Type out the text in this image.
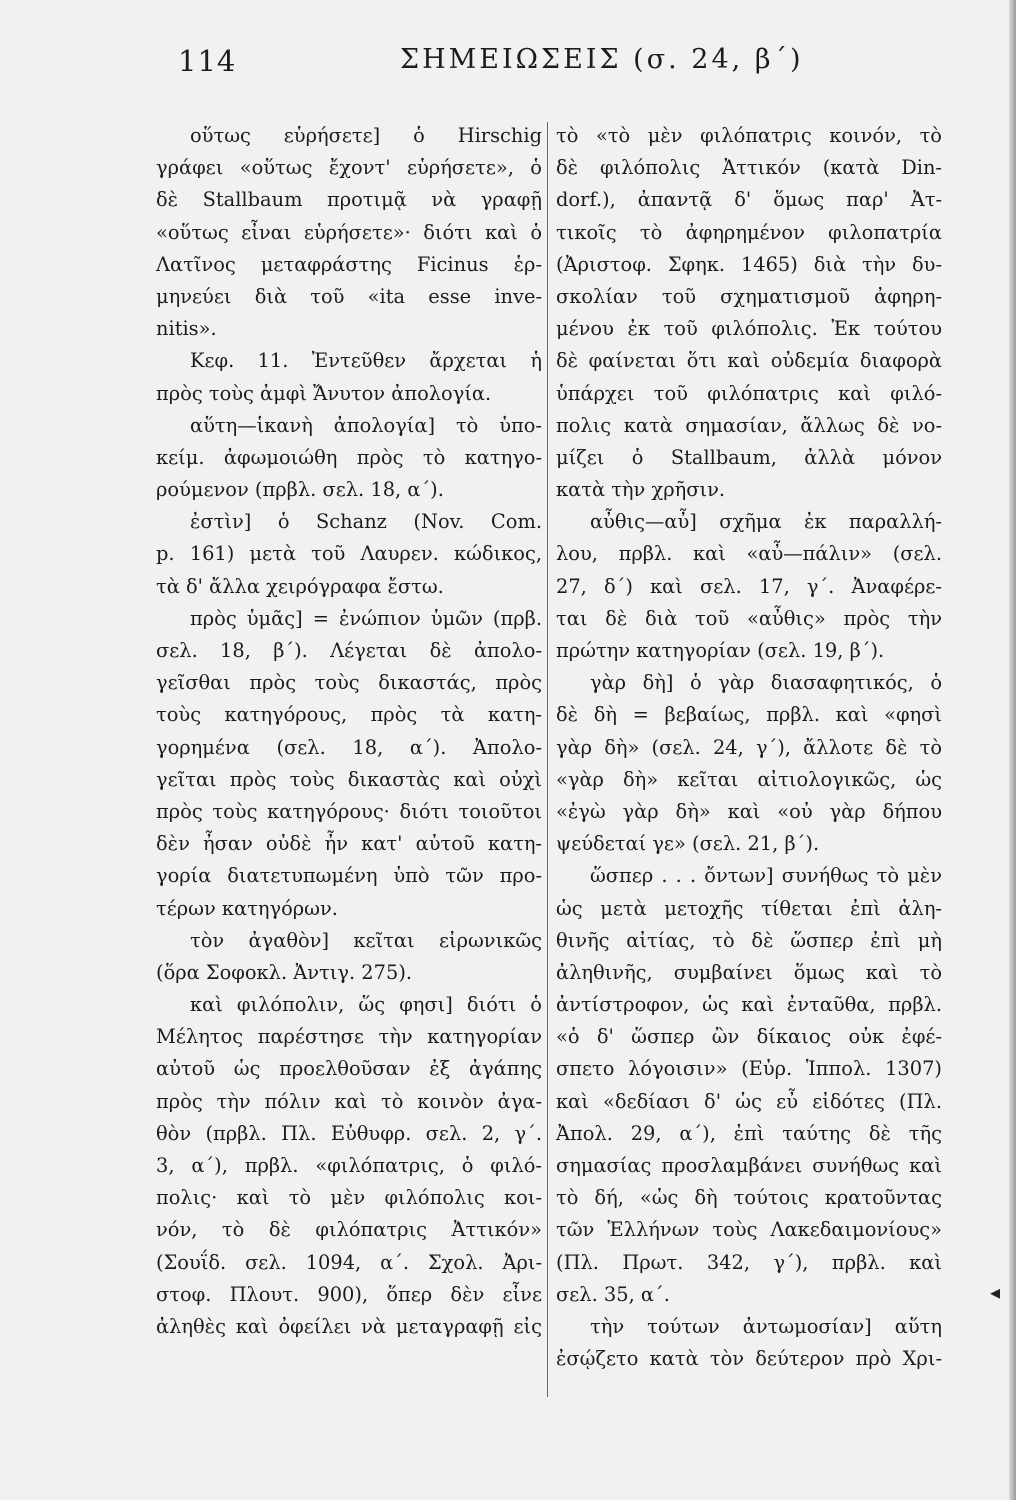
114	ΣΗΜΕΙΩΣΕΙΣ (σ. 24, β΄)
οὕτως εὑρήσετε] ὁ Hirschig
γράφει «οὕτως ἔχοντ' εὑρήσετε», ὁ
δὲ Stallbaum προτιμᾷ νὰ γραφῇ
«οὕτως εἶναι εὑρήσετε»· διότι καὶ ὁ
Λατῖνος μεταφράστης Ficinus ἑρ-
μηνεύει διὰ τοῦ «ita esse inve-
nitis».
Κεφ. 11. Ἐντεῦθεν ἄρχεται ἡ
πρὸς τοὺς ἀμφὶ Ἄνυτον ἀπολογία.
αὕτη—ἱκανὴ ἀπολογία] τὸ ὑπο-
κείμ. ἀφωμοιώθη πρὸς τὸ κατηγο-
ρούμενον (πρβλ. σελ. 18, α΄).
ἐστὶν] ὁ Schanz (Nov. Com.
p. 161) μετὰ τοῦ Λαυρεν. κώδικος,
τὰ δ' ἄλλα χειρόγραφα ἔστω.
πρὸς ὑμᾶς] = ἐνώπιον ὑμῶν (πρβ.
σελ. 18, β΄). Λέγεται δὲ ἀπολο-
γεῖσθαι πρὸς τοὺς δικαστάς, πρὸς
τοὺς κατηγόρους, πρὸς τὰ κατη-
γορημένα (σελ. 18, α΄). Ἀπολο-
γεῖται πρὸς τοὺς δικαστὰς καὶ οὐχὶ
πρὸς τοὺς κατηγόρους· διότι τοιοῦτοι
δὲν ἦσαν οὐδὲ ἦν κατ' αὐτοῦ κατη-
γορία διατετυπωμένη ὑπὸ τῶν προ-
τέρων κατηγόρων.
τὸν ἀγαθὸν] κεῖται εἰρωνικῶς
(ὅρα Σοφοκλ. Ἀντιγ. 275).
καὶ φιλόπολιν, ὥς φησι] διότι ὁ
Μέλητος παρέστησε τὴν κατηγορίαν
αὐτοῦ ὡς προελθοῦσαν ἐξ ἀγάπης
πρὸς τὴν πόλιν καὶ τὸ κοινὸν ἀγα-
θὸν (πρβλ. Πλ. Εὐθυφρ. σελ. 2, γ΄.
3, α΄), πρβλ. «φιλόπατρις, ὁ φιλό-
πολις· καὶ τὸ μὲν φιλόπολις κοι-
νόν, τὸ δὲ φιλόπατρις Ἀττικόν»
(Σουΐδ. σελ. 1094, α΄. Σχολ. Ἀρι-
στοφ. Πλουτ. 900), ὅπερ δὲν εἶνε
ἀληθὲς καὶ ὀφείλει νὰ μεταγραφῇ εἰς
τὸ «τὸ μὲν φιλόπατρις κοινόν, τὸ
δὲ φιλόπολις Ἀττικόν (κατὰ Din-
dorf.), ἀπαντᾷ δ' ὅμως παρ' Ἀτ-
τικοῖς τὸ ἀφηρημένον φιλοπατρία
(Ἀριστοφ. Σφηκ. 1465) διὰ τὴν δυ-
σκολίαν τοῦ σχηματισμοῦ ἀφηρη-
μένου ἐκ τοῦ φιλόπολις. Ἐκ τούτου
δὲ φαίνεται ὅτι καὶ οὐδεμία διαφορὰ
ὑπάρχει τοῦ φιλόπατρις καὶ φιλό-
πολις κατὰ σημασίαν, ἄλλως δὲ νο-
μίζει ὁ Stallbaum, ἀλλὰ μόνον
κατὰ τὴν χρῆσιν.
αὖθις—αὖ] σχῆμα ἐκ παραλλή-
λου, πρβλ. καὶ «αὖ—πάλιν» (σελ.
27, δ΄) καὶ σελ. 17, γ΄. Ἀναφέρε-
ται δὲ διὰ τοῦ «αὖθις» πρὸς τὴν
πρώτην κατηγορίαν (σελ. 19, β΄).
γὰρ δὴ] ὁ γὰρ διασαφητικός, ὁ
δὲ δὴ = βεβαίως, πρβλ. καὶ «φησὶ
γὰρ δὴ» (σελ. 24, γ΄), ἄλλοτε δὲ τὸ
«γὰρ δὴ» κεῖται αἰτιολογικῶς, ὡς
«ἐγὼ γὰρ δὴ» καὶ «οὐ γὰρ δήπου
ψεύδεταί γε» (σελ. 21, β΄).
ὥσπερ . . . ὄντων] συνήθως τὸ μὲν
ὡς μετὰ μετοχῆς τίθεται ἐπὶ ἀλη-
θινῆς αἰτίας, τὸ δὲ ὥσπερ ἐπὶ μὴ
ἀληθινῆς, συμβαίνει ὅμως καὶ τὸ
ἀντίστροφον, ὡς καὶ ἐνταῦθα, πρβλ.
«ὁ δ' ὥσπερ ὢν δίκαιος οὐκ ἐφέ-
σπετο λόγοισιν» (Εὐρ. Ἱππολ. 1307)
καὶ «δεδίασι δ' ὡς εὖ εἰδότες (Πλ.
Ἀπολ. 29, α΄), ἐπὶ ταύτης δὲ τῆς
σημασίας προσλαμβάνει συνήθως καὶ
τὸ δή, «ὡς δὴ τούτοις κρατοῦντας
τῶν Ἑλλήνων τοὺς Λακεδαιμονίους»
(Πλ. Πρωτ. 342, γ΄), πρβλ. καὶ
σελ. 35, α΄.
τὴν τούτων ἀντωμοσίαν] αὕτη
ἐσῴζετο κατὰ τὸν δεύτερον πρὸ Χρι-
◂
